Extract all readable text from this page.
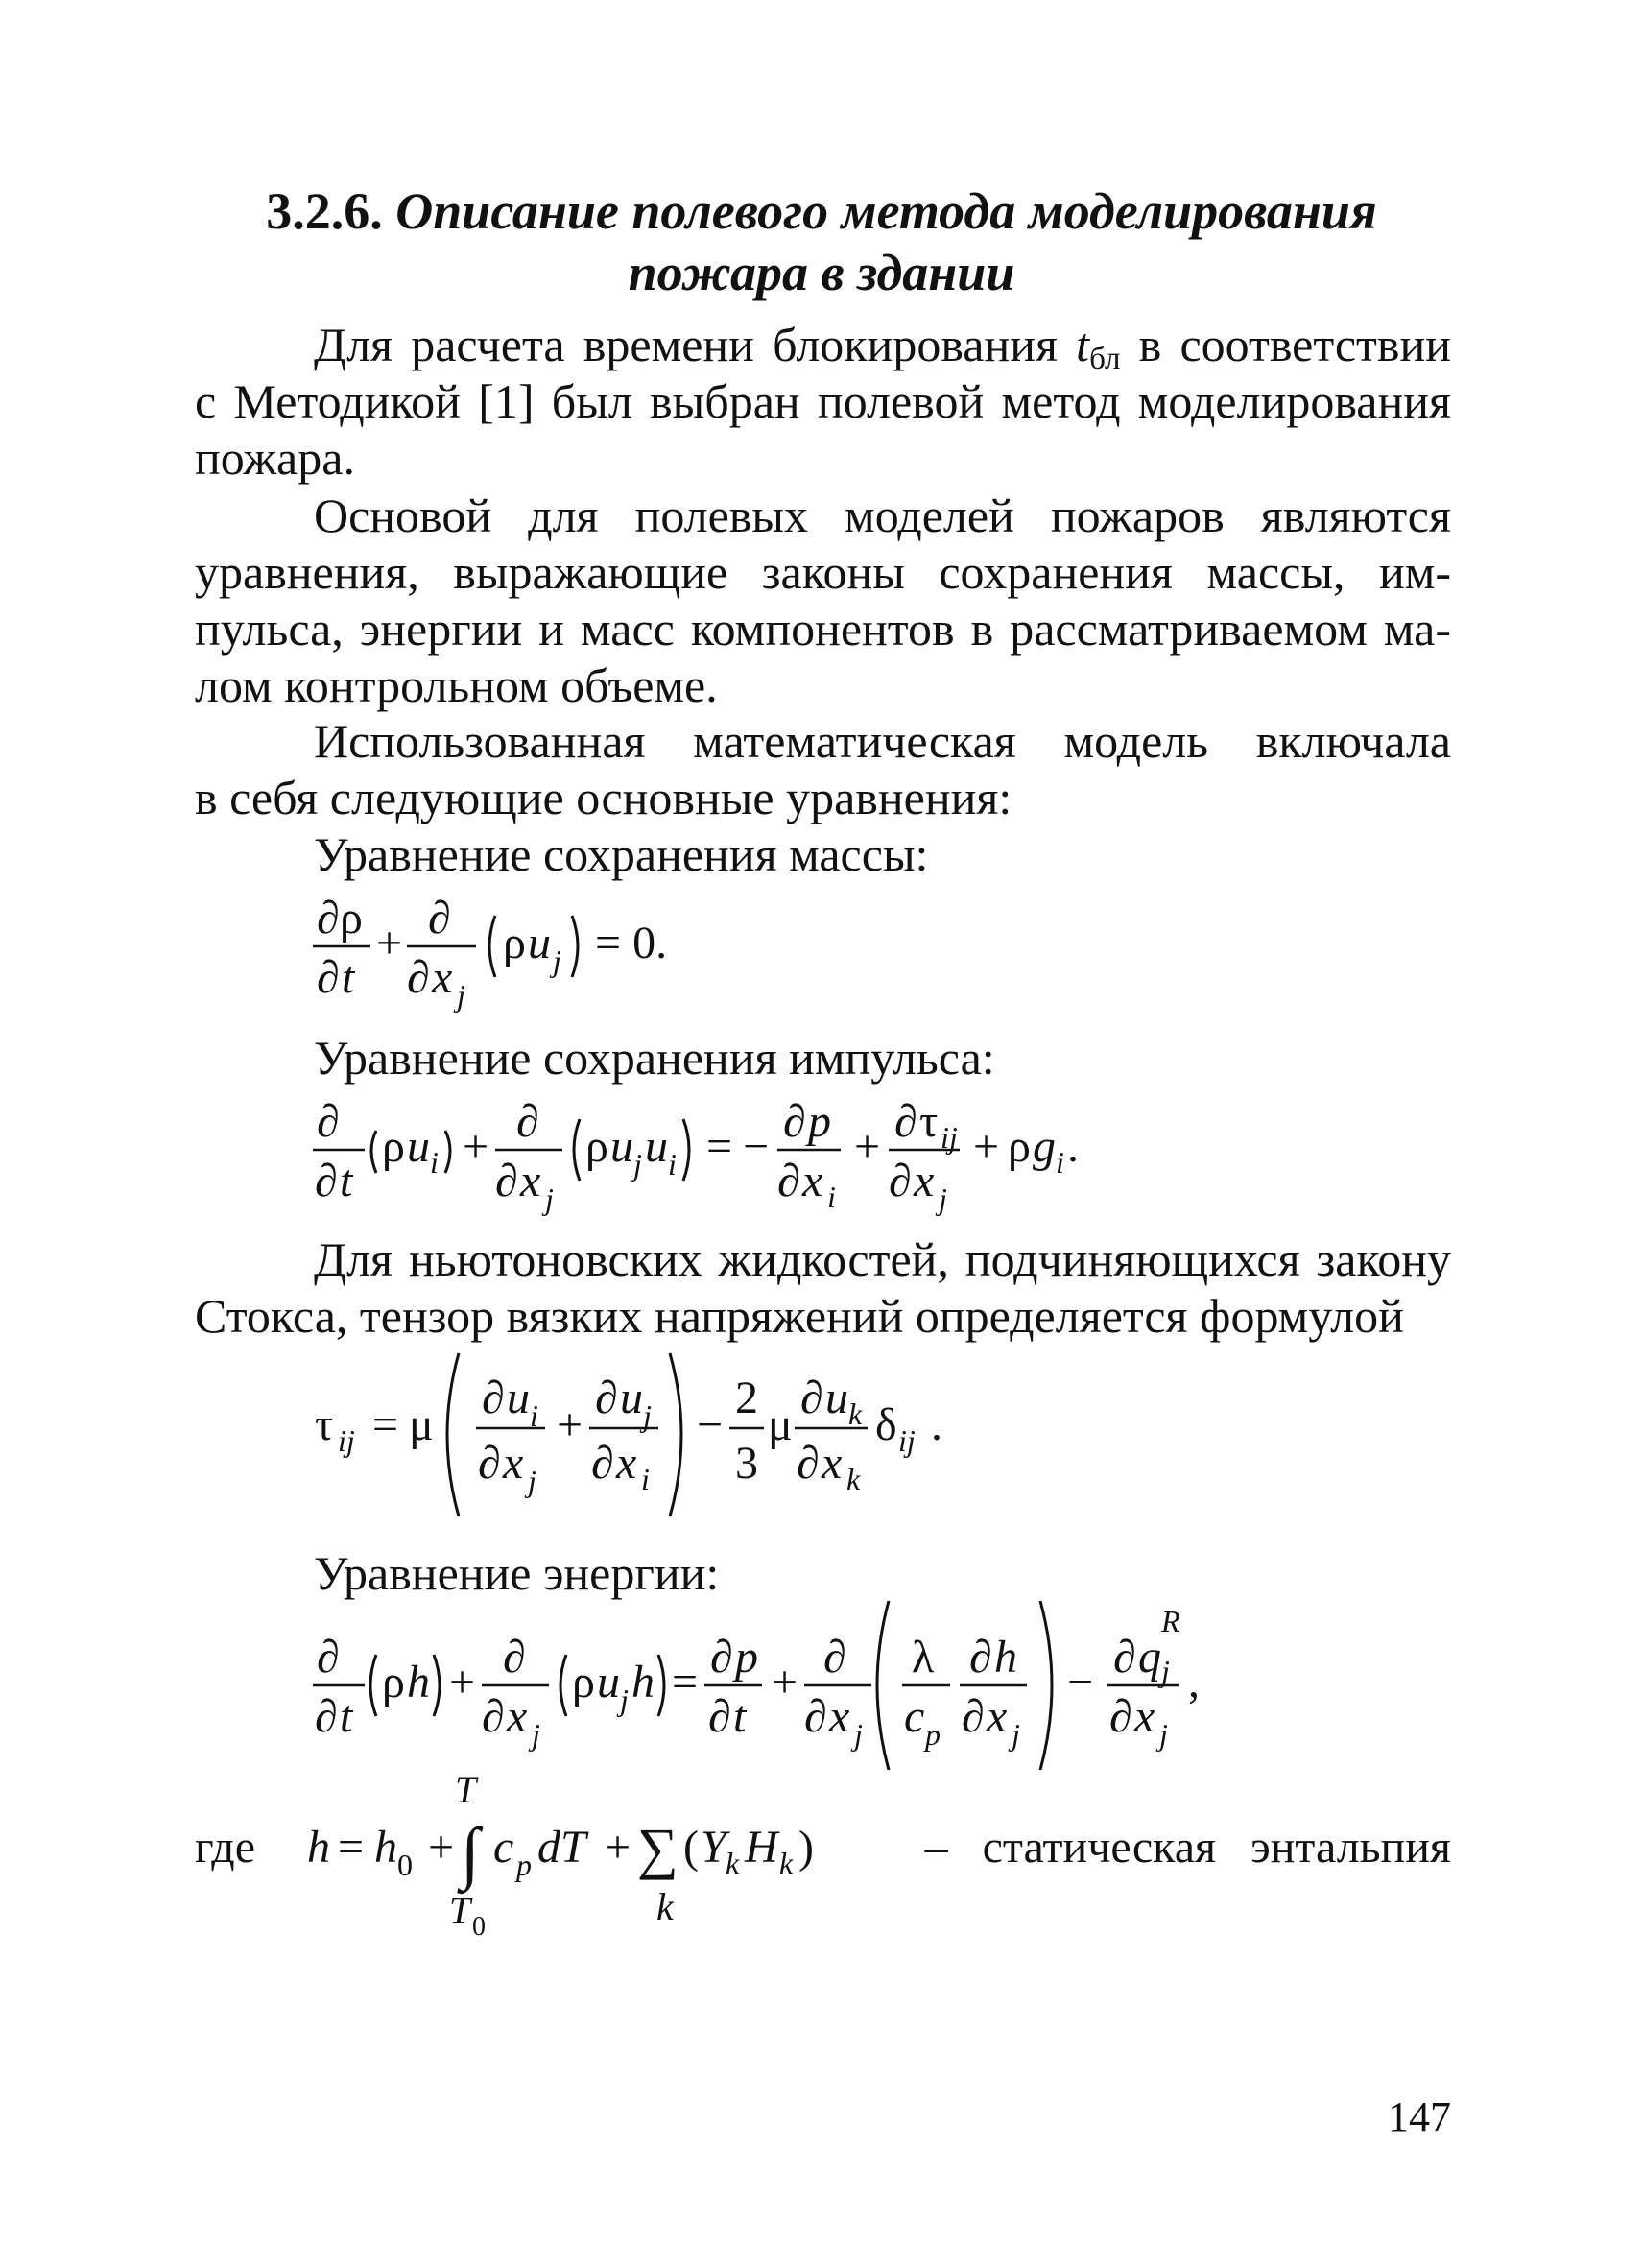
3.2.6. Описание полевого метода моделирования
пожара в здании
Для расчета времени блокирования $t_{бл}$ в соответствии
с Методикой [1] был выбран полевой метод моделирования
пожара.
Основой для полевых моделей пожаров являются
уравнения, выражающие законы сохранения массы, им-
пульса, энергии и масс компонентов в рассматриваемом ма-
лом контрольном объеме.
Использованная математическая модель включала
в себя следующие основные уравнения:
Уравнение сохранения массы:
∂ ρ
∂ t
+ ∂
∂ x j
ρ u j = 0.
Уравнение сохранения импульса:
∂
∂ t
ρ u i + ∂
∂ x j
ρ u j u i = − ∂ p
∂ x i
+ ∂ τ ij
∂ x j
+ ρ g i .
Для ньютоновских жидкостей, подчиняющихся закону
Стокса, тензор вязких напряжений определяется формулой
τ ij = μ
∂ u i
∂ x j
+
∂ u j
∂ x i
−
2
3
μ
∂ u k
∂ x k
δ ij .
Уравнение энергии:
∂
∂ t
ρ h + ∂
∂ x j
ρ u j h = ∂ p
∂ t
+ ∂
∂ x j
λ
c p
∂ h
∂ x j
− ∂ q
R
j
∂ x j
,
где h = h 0 +
T
∫
T 0
c p dT + ∑
k
( Y k H k ) – статическая энтальпия
147
